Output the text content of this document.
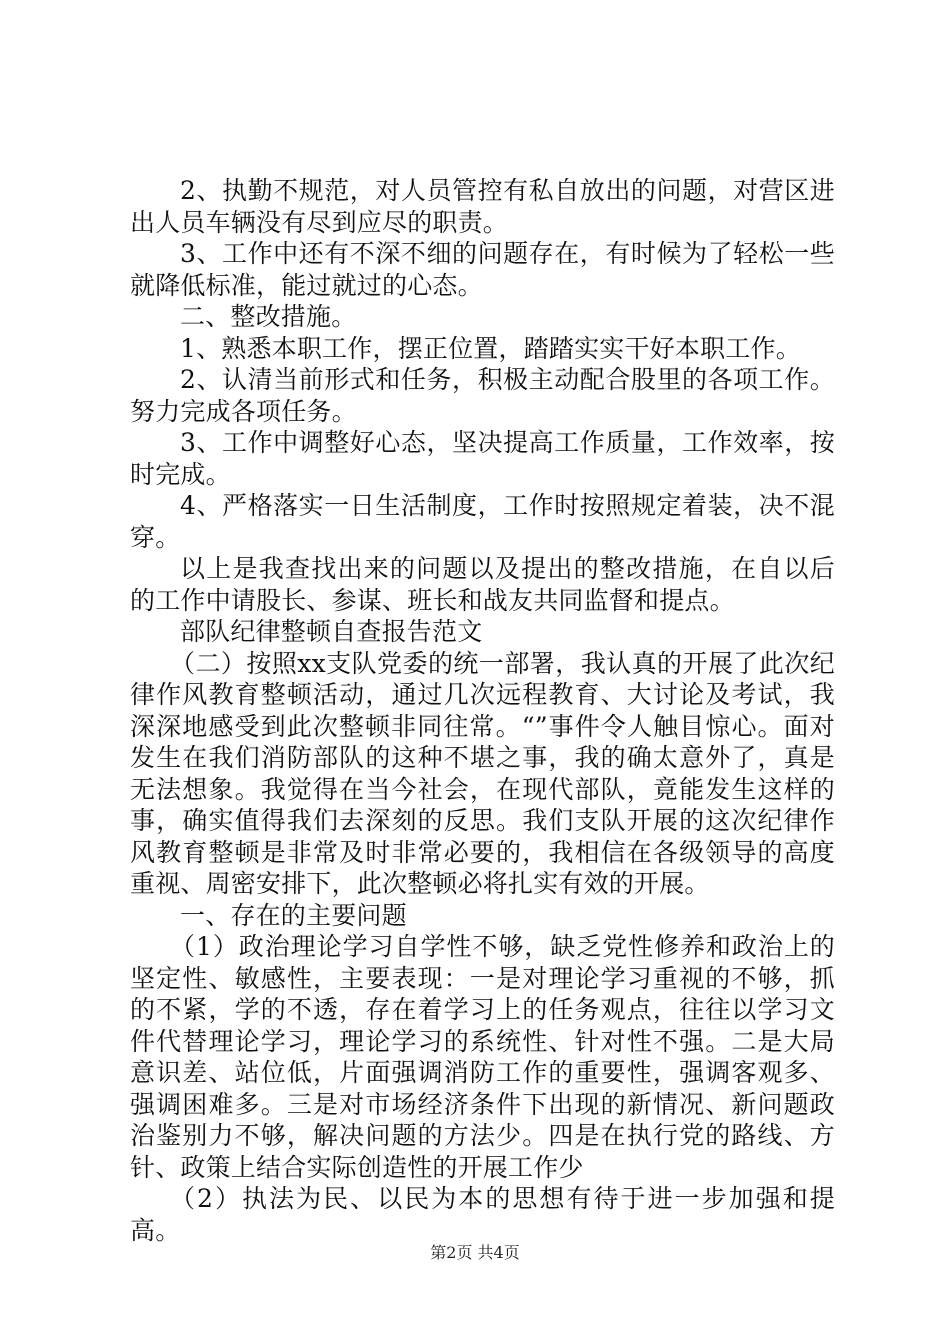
2、执勤不规范，对人员管控有私自放出的问题，对营区进出人员车辆没有尽到应尽的职责。

3、工作中还有不深不细的问题存在，有时候为了轻松一些就降低标准，能过就过的心态。

二、整改措施。

1、熟悉本职工作，摆正位置，踏踏实实干好本职工作。

2、认清当前形式和任务，积极主动配合股里的各项工作。努力完成各项任务。

3、工作中调整好心态，坚决提高工作质量，工作效率，按时完成。

4、严格落实一日生活制度，工作时按照规定着装，决不混穿。

以上是我查找出来的问题以及提出的整改措施，在自以后的工作中请股长、参谋、班长和战友共同监督和提点。

部队纪律整顿自查报告范文

（二）按照xx支队党委的统一部署，我认真的开展了此次纪律作风教育整顿活动，通过几次远程教育、大讨论及考试，我深深地感受到此次整顿非同往常。“”事件令人触目惊心。面对发生在我们消防部队的这种不堪之事，我的确太意外了，真是无法想象。我觉得在当今社会，在现代部队，竟能发生这样的事，确实值得我们去深刻的反思。我们支队开展的这次纪律作风教育整顿是非常及时非常必要的，我相信在各级领导的高度重视、周密安排下，此次整顿必将扎实有效的开展。

一、存在的主要问题

（1）政治理论学习自学性不够，缺乏党性修养和政治上的坚定性、敏感性，主要表现：一是对理论学习重视的不够，抓的不紧，学的不透，存在着学习上的任务观点，往往以学习文件代替理论学习，理论学习的系统性、针对性不强。二是大局意识差、站位低，片面强调消防工作的重要性，强调客观多、强调困难多。三是对市场经济条件下出现的新情况、新问题政治鉴别力不够，解决问题的方法少。四是在执行党的路线、方针、政策上结合实际创造性的开展工作少

（2）执法为民、以民为本的思想有待于进一步加强和提高。

第2页 共4页
